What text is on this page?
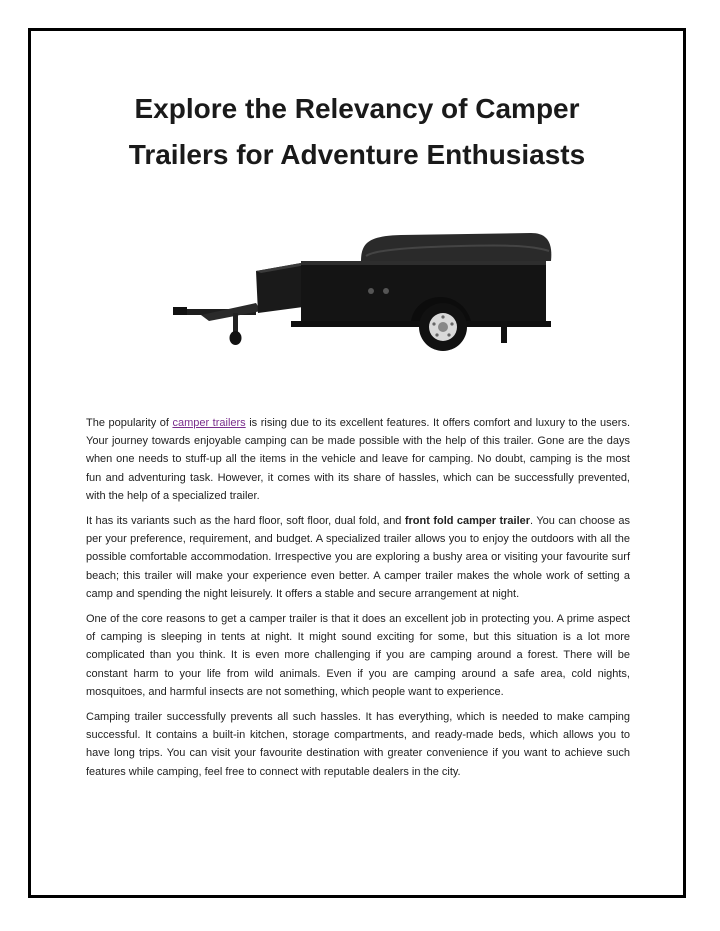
Explore the Relevancy of Camper
Trailers for Adventure Enthusiasts

The popularity of camper trailers is rising due to its excellent features. It offers comfort and luxury to the users. Your journey towards enjoyable camping can be made possible with the help of this trailer. Gone are the days when one needs to stuff-up all the items in the vehicle and leave for camping. No doubt, camping is the most fun and adventuring task. However, it comes with its share of hassles, which can be successfully prevented, with the help of a specialized trailer.

It has its variants such as the hard floor, soft floor, dual fold, and front fold camper trailer. You can choose as per your preference, requirement, and budget. A specialized trailer allows you to enjoy the outdoors with all the possible comfortable accommodation. Irrespective you are exploring a bushy area or visiting your favourite surf beach; this trailer will make your experience even better. A camper trailer makes the whole work of setting a camp and spending the night leisurely. It offers a stable and secure arrangement at night.

One of the core reasons to get a camper trailer is that it does an excellent job in protecting you. A prime aspect of camping is sleeping in tents at night. It might sound exciting for some, but this situation is a lot more complicated than you think. It is even more challenging if you are camping around a forest. There will be constant harm to your life from wild animals. Even if you are camping around a safe area, cold nights, mosquitoes, and harmful insects are not something, which people want to experience.

Camping trailer successfully prevents all such hassles. It has everything, which is needed to make camping successful. It contains a built-in kitchen, storage compartments, and ready-made beds, which allows you to have long trips. You can visit your favourite destination with greater convenience if you want to achieve such features while camping, feel free to connect with reputable dealers in the city.
